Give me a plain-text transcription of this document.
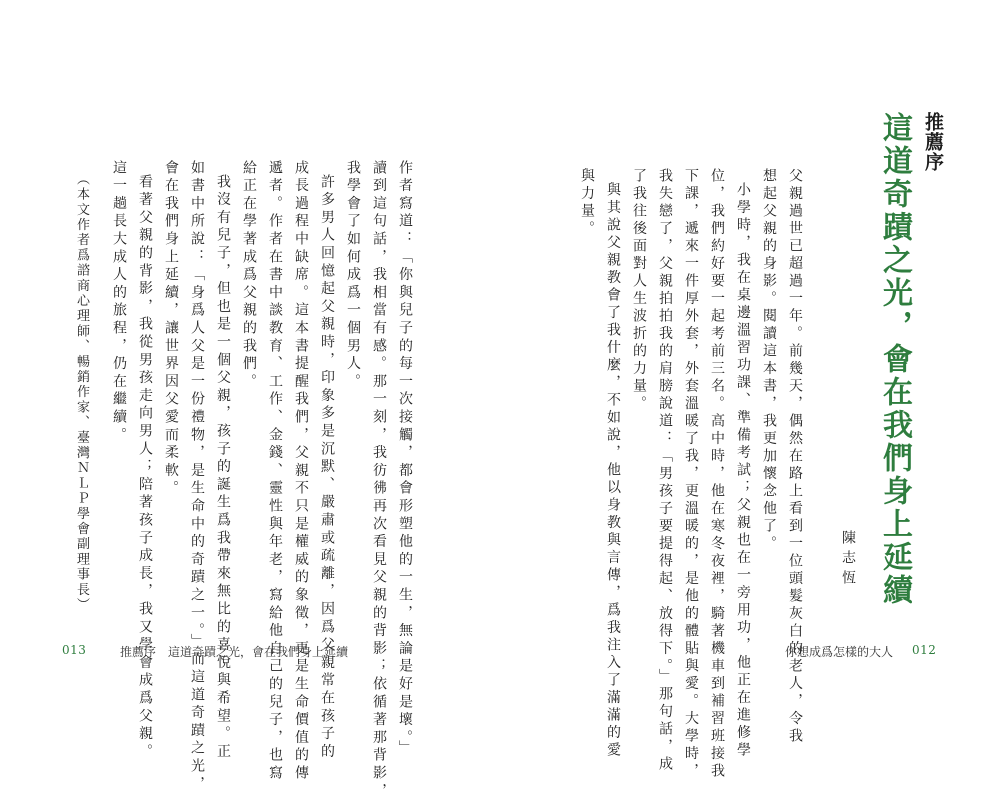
推薦序
這道奇蹟之光，會在我們身上延續
陳志恆
父親過世已超過一年。前幾天，偶然在路上看到一位頭髮灰白的老人，令我
想起父親的身影。閱讀這本書，我更加懷念他了。
小學時，我在桌邊溫習功課、準備考試；父親也在一旁用功，他正在進修學
位，我們約好要一起考前三名。高中時，他在寒冬夜裡，騎著機車到補習班接我
下課，遞來一件厚外套，外套溫暖了我，更溫暖的，是他的體貼與愛。大學時，
我失戀了，父親拍拍我的肩膀說道：「男孩子要提得起、放得下。」那句話，成
了我往後面對人生波折的力量。
與其說父親教會了我什麼，不如說，他以身教與言傳，爲我注入了滿滿的愛
與力量。
你想成爲怎樣的大人 012
作者寫道：「你與兒子的每一次接觸，都會形塑他的一生，無論是好是壞。」
讀到這句話，我相當有感。那一刻，我彷彿再次看見父親的背影；依循著那背影，
我學會了如何成爲一個男人。
許多男人回憶起父親時，印象多是沉默、嚴肅或疏離，因爲父親常在孩子的
成長過程中缺席。這本書提醒我們，父親不只是權威的象徵，更是生命價值的傳
遞者。作者在書中談教育、工作、金錢、靈性與年老，寫給他自己的兒子，也寫
給正在學著成爲父親的我們。
我沒有兒子，但也是一個父親，孩子的誕生爲我帶來無比的喜悅與希望。正
如書中所說：「身爲人父是一份禮物，是生命中的奇蹟之一。」而這道奇蹟之光，
會在我們身上延續，讓世界因父愛而柔軟。
看著父親的背影，我從男孩走向男人；陪著孩子成長，我又學會成爲父親。
這一趟長大成人的旅程，仍在繼續。
（本文作者爲諮商心理師、暢銷作家、臺灣ＮＬＰ學會副理事長）
013	推薦序　這道奇蹟之光，會在我們身上延續
